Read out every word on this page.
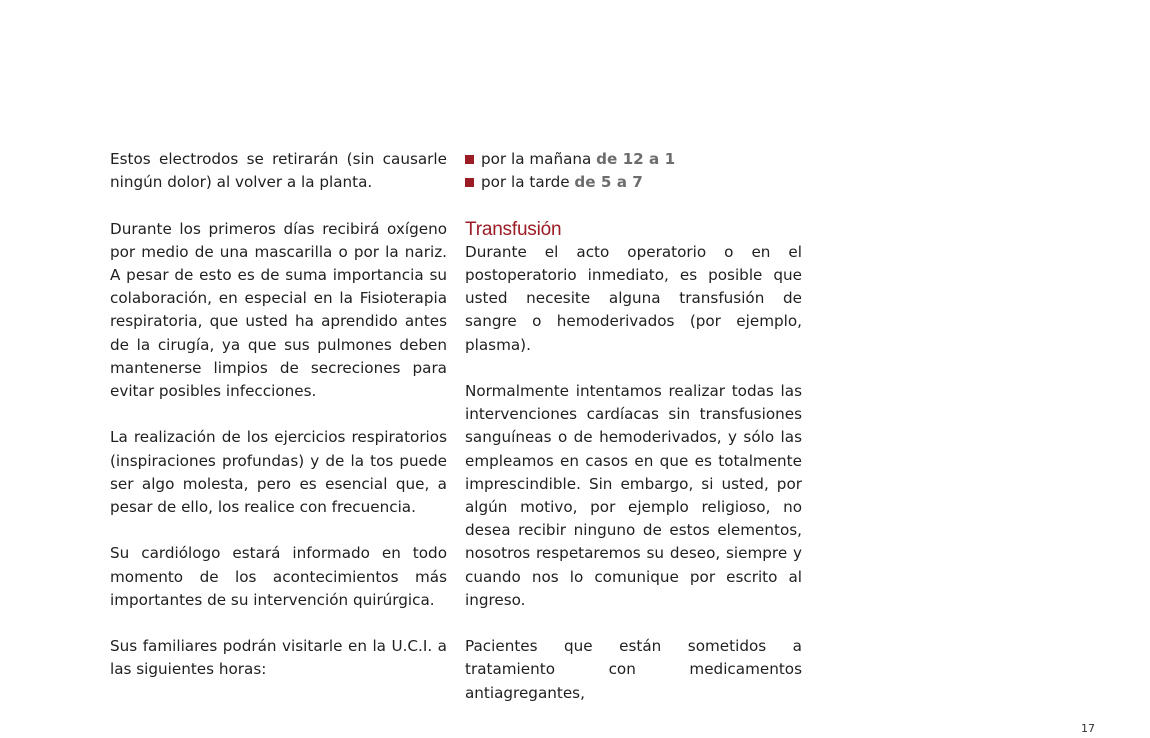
Estos electrodos se retirarán (sin causarle ningún dolor) al volver a la planta.

Durante los primeros días recibirá oxígeno por medio de una mascarilla o por la nariz. A pesar de esto es de suma importancia su colaboración, en especial en la Fisioterapia respiratoria, que usted ha aprendido antes de la cirugía, ya que sus pulmones deben mantenerse limpios de secreciones para evitar posibles infecciones.

La realización de los ejercicios respiratorios (inspiraciones profundas) y de la tos puede ser algo molesta, pero es esencial que, a pesar de ello, los realice con frecuencia.

Su cardiólogo estará informado en todo momento de los acontecimientos más importantes de su intervención quirúrgica.

Sus familiares podrán visitarle en la U.C.I. a las siguientes horas:

por la mañana de 12 a 1
por la tarde de 5 a 7
Transfusión

Durante el acto operatorio o en el postoperatorio inmediato, es posible que usted necesite alguna transfusión de sangre o hemoderivados (por ejemplo, plasma).

Normalmente intentamos realizar todas las intervenciones cardíacas sin transfusiones sanguíneas o de hemoderivados, y sólo las empleamos en casos en que es totalmente imprescindible. Sin embargo, si usted, por algún motivo, por ejemplo religioso, no desea recibir ninguno de estos elementos, nosotros respetaremos su deseo, siempre y cuando nos lo comunique por escrito al ingreso.

Pacientes que están sometidos a tratamiento con medicamentos antiagregantes,

17
